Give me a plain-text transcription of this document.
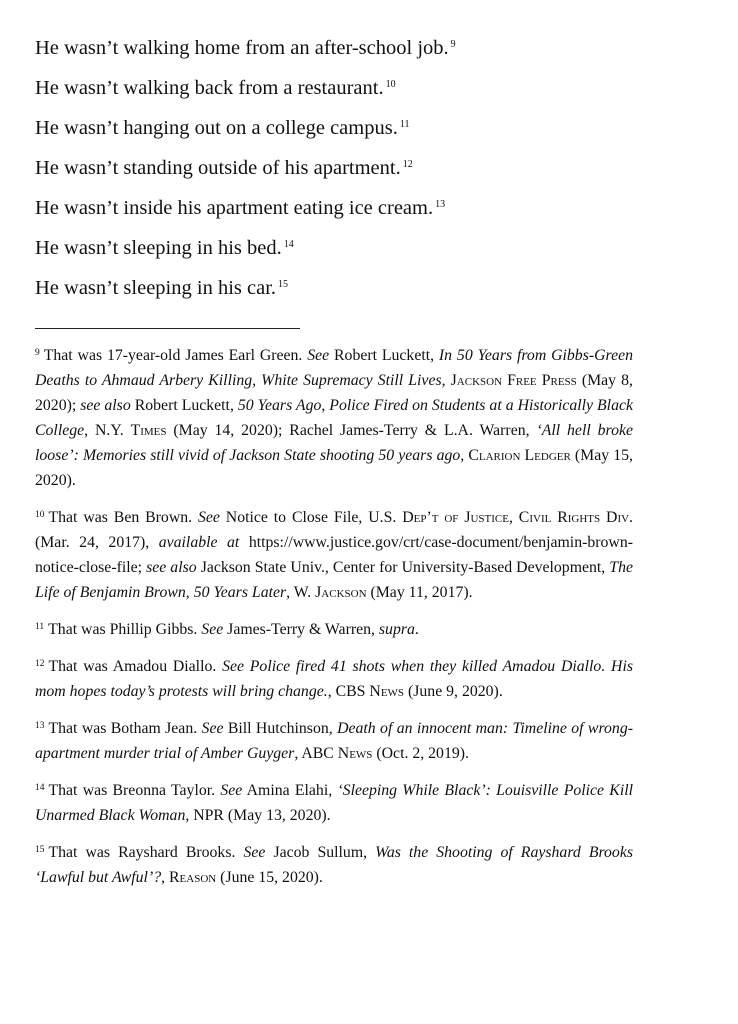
He wasn’t walking home from an after-school job. $^9$

He wasn’t walking back from a restaurant. $^{10}$

He wasn’t hanging out on a college campus. $^{11}$

He wasn’t standing outside of his apartment. $^{12}$

He wasn’t inside his apartment eating ice cream. $^{13}$

He wasn’t sleeping in his bed. $^{14}$

He wasn’t sleeping in his car. $^{15}$

$^9$ That was 17-year-old James Earl Green. See Robert Luckett, In 50 Years from Gibbs-Green Deaths to Ahmaud Arbery Killing, White Supremacy Still Lives, Jackson Free Press (May 8, 2020); see also Robert Luckett, 50 Years Ago, Police Fired on Students at a Historically Black College, N.Y. Times (May 14, 2020); Rachel James-Terry & L.A. Warren, ‘All hell broke loose’: Memories still vivid of Jackson State shooting 50 years ago, Clarion Ledger (May 15, 2020).

$^{10}$ That was Ben Brown. See Notice to Close File, U.S. Dep’t of Justice, Civil Rights Div. (Mar. 24, 2017), available at https://www.justice.gov/crt/case-document/benjamin-brown-notice-close-file; see also Jackson State Univ., Center for University-Based Development, The Life of Benjamin Brown, 50 Years Later, W. Jackson (May 11, 2017).

$^{11}$ That was Phillip Gibbs. See James-Terry & Warren, supra.

$^{12}$ That was Amadou Diallo. See Police fired 41 shots when they killed Amadou Diallo. His mom hopes today’s protests will bring change., CBS News (June 9, 2020).

$^{13}$ That was Botham Jean. See Bill Hutchinson, Death of an innocent man: Timeline of wrong-apartment murder trial of Amber Guyger, ABC News (Oct. 2, 2019).

$^{14}$ That was Breonna Taylor. See Amina Elahi, ‘Sleeping While Black’: Louisville Police Kill Unarmed Black Woman, NPR (May 13, 2020).

$^{15}$ That was Rayshard Brooks. See Jacob Sullum, Was the Shooting of Rayshard Brooks ‘Lawful but Awful’?, Reason (June 15, 2020).
